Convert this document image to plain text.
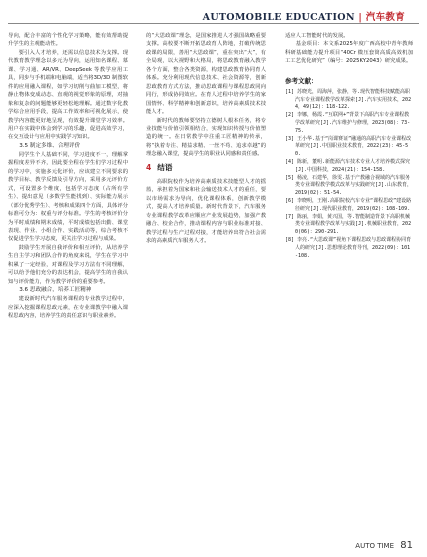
AUTOMOBILE EDUCATION | 汽车教育
导向，配合丰富的个性化学习策略，能有效帮助提升学生的主观能动性。
要引入人才培养，还需以信息技术为支撑。现代教育教学理念以多元为导向，运用知名课程、慕课、学习通、AR/VR、DeepSeek 等教学应用工具，同步与手机端和电脑端，适当将3D/3D 制图软件的应用融入课程，如学习切削与曲加工模型，将静止物体变成动态、直观的视觉形象的原理，对抽象和复杂的问题能够更轻松地理解。通过数字化教学综合应用手段，提高工作效率和可视化展示，使教学内容能更好地呈现，有效提升课堂学习效率。用户在实践中体会到学习的乐趣，促进高效学习，在交互设计与应用中实践学习知识。
3.5 制定多维、合理评价
同学生个人基础不同，学习进度不一，理解掌握程度差异不齐，因此要全程在学生们学习过程中的学习中，实施多元化评价，应该建立不同要求的教学目标、教学反馈及引导方向，采用多元评价方式，可设置多个维度，包括学习态度（占所有学生）、提出意见（多数学生能找到）、实际能力展示（部分优秀学生）、考核和成果四个方面，具体评分标准可分为：权重与评分标准。学生的考核评价分为平时成绩和期末成绩，平时成绩包括出勤、课堂表现、作业、小组合作、实践活动等，综合考核不仅促进学生学习态度，更关注学习过程与成果。
鼓励学生开展自我评价和相互评价，从培养学生自主学习和团队合作的角度来说，学生在学习中积累了一定经验，对课程及学习方法有不同理解，可以给予他们充分的表达机会，提高学生的自我认知与评价能力，作为教学评价的重要参考。
3.6 思政融合，培养工匠精神
建设新时代汽车服务课程的专业教学过程中，应深入挖掘课程思政元素，在专业课教学中融入课程思政内容，培养学生的责任意识与职业素养。
的“大思政课”理念，是国家推进人才强国战略重要支撑。高校要不断开拓思政育人阵地，打破传统思政课的局限，善用“大思政课”，重在突出“大”，有全局观，以大视野和大格局，将思政教育融入教学各个方面，整合各类资源，构建思政教育协同育人体系。充分利用现代信息技术、社会资源等，创新思政教育方式方法，推动思政课程与课程思政同向同行，形成协同效应。在育人过程中培养学生的家国情怀、科学精神和创新意识，培养高素质技术技能人才。
新时代的教师要坚持立德树人根本任务，将专业技能与价值引领相结合，实现知识传授与价值塑造的统一。在日常教学中注重工匠精神的传承，将“执着专注、精益求精、一丝不苟、追求卓越”的理念融入课堂，提高学生的职业认同感和责任感。
4 结语
高职院校作为培养高素质技术技能型人才的摇篮，承担着为国家和社会输送技术人才的重任，要以市场需求为导向，优化课程体系，创新教学模式，提高人才培养质量。新时代背景下，汽车服务专业课程教学改革应顺应产业发展趋势，加强产教融合、校企合作，推动课程内容与职业标准对接、教学过程与生产过程对接，才能培养出符合社会需求的高素质汽车服务人才。
适应人工智能时代的发展。
基金项目：本文系2025年度广西高校中青年教师科研基础能力提升项目“40Cr 微压套筒高质高效机加工工艺优化研究”（编号：2025KY2043）研究成果。
参考文献：
[1] 苏晓光，周海萍，张静，等.现代智能科技赋能高职汽车专业课程教学改革探索[J].汽车实用技术，2024，49(12)：118-122.
[2] 李娜，杨霞.“互联网+”背景下高职汽车专业课程教学改革研究[J].汽车维护与修理，2023(08)：73-75.
[3] 王小华.基于“岗课赛证”融通的高职汽车专业课程改革研究[J].中国职业技术教育，2022(23)：45-50.
[4] 陈新，董明.新能源汽车技术专业人才培养模式探究[J].中国科技，2024(21)：154-158.
[5] 杨凌，石建华，徐雯.基于产教融合视域的汽车服务类专业课程教学模式改革与实践研究[J].山东教育，2019(02)：51-54.
[6] 李晓明，王刚.高职院校汽车专业“课程思政”建设路径研究[J].现代职业教育，2019(02)：108-109.
[7] 陈丽，李娟，黄兴国，等.智能制造背景下高职机械类专业课程教学改革与实践[J].机械职业教育，2020(06)：290-291.
[8] 李亮.“大思政课”视角下课程思政与思政课程协同育人的研究[J].思想理论教育导刊，2022(09)：101-108.
AUTO TIME 81
